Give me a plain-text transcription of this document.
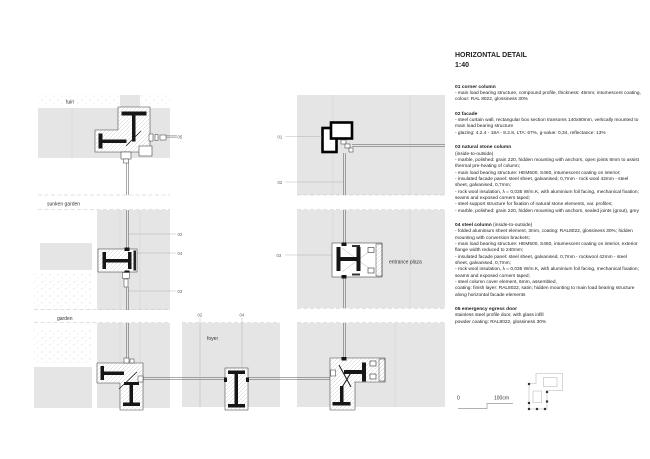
05	01
02
02
04
03
03
02	04
tuin
sunken garden
garden
foyer
entrance plaza
HORIZONTAL DETAIL
1:40
01 corner column
- main load bearing structure, compound profile, thickness: 45mm; intumescent coating, colour: RAL 8022, glossiness 30%
02 facade
- steel curtain wall, rectangular box section transoms 140x80mm, vertically mounted to main load bearing structure
- glazing: 4.2.4 - 18A - 8.2.8, LTA: 67%, g-value: 0,34, reflectance: 13%
03 natural stone column
(inside-to-outside)
- marble, polished: grain 220, hidden mounting with anchors, open joints 8mm to assist thermal pre-heating of column;
- main load bearing structure: HEM500, S460, intumescent coating on interior;
- insulated facade panel: steel sheet, galvanised, 0,7mm - rock wool 42mm - steel sheet, galvanised, 0,7mm;
- rock wool insulation, λ = 0,035 W/m.K, with aluminium foil facing, mechanical fixation; seams and exposed corners taped;
- steel support structure for fixation of natural stone elements, var. profiles;
- marble, polished: grain 220, hidden mounting with anchors, sealed joints (grout), grey
04 steel column (inside-to-outside)
- folded aluminium sheet element, 3mm, coating: RAL8022, glossiness 30%; hidden mounting with conversion brackets;
- main load bearing structure: HEM500, S460, intumescent coating on interior, exterior flange width reduced to 240mm;
- insulated facade panel: steel sheet, galvanised, 0,7mm - rockwool 42mm - steel sheet, galvanised, 0,7mm;
- rock wool insulation, λ = 0,035 W/m.K, with aluminium foil facing, mechanical fixation; seams and exposed corners taped;
- steel column cover element, 6mm, assembled,
coating: finish layer: RAL8022, satin; hidden mounting to main load bearing structure along horizontal facade elements
05 emergency egress door
stainless steel profile door, with glass infill
powder coating: RAL8022, glossiness 30%
0	100cm
